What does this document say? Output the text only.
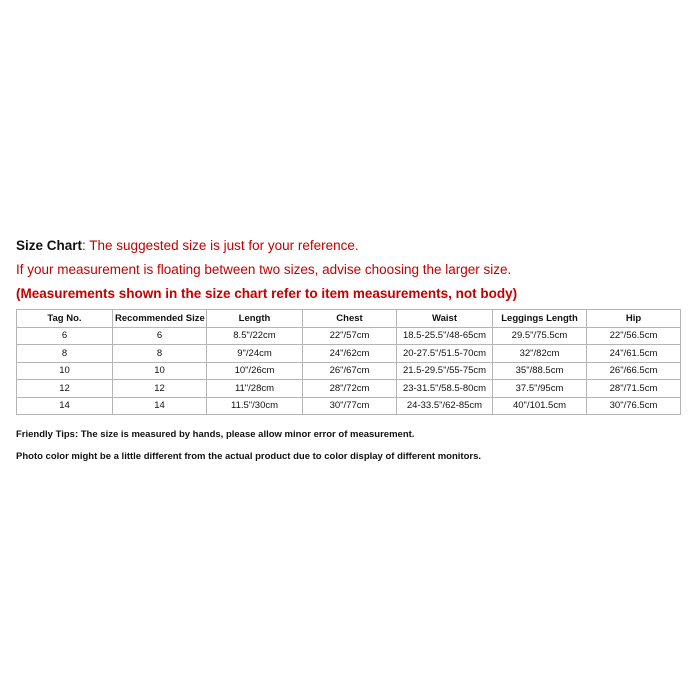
Size Chart: The suggested size is just for your reference.

If your measurement is floating between two sizes, advise choosing the larger size.

(Measurements shown in the size chart refer to item measurements, not body)

Tag No.	Recommended Size	Length	Chest	Waist	Leggings Length	Hip
6	6	8.5"/22cm	22"/57cm	18.5-25.5"/48-65cm	29.5"/75.5cm	22"/56.5cm
8	8	9"/24cm	24"/62cm	20-27.5"/51.5-70cm	32"/82cm	24"/61.5cm
10	10	10"/26cm	26"/67cm	21.5-29.5"/55-75cm	35"/88.5cm	26"/66.5cm
12	12	11"/28cm	28"/72cm	23-31.5"/58.5-80cm	37.5"/95cm	28"/71.5cm
14	14	11.5"/30cm	30"/77cm	24-33.5"/62-85cm	40"/101.5cm	30"/76.5cm

Friendly Tips: The size is measured by hands, please allow minor error of measurement.

Photo color might be a little different from the actual product due to color display of different monitors.
